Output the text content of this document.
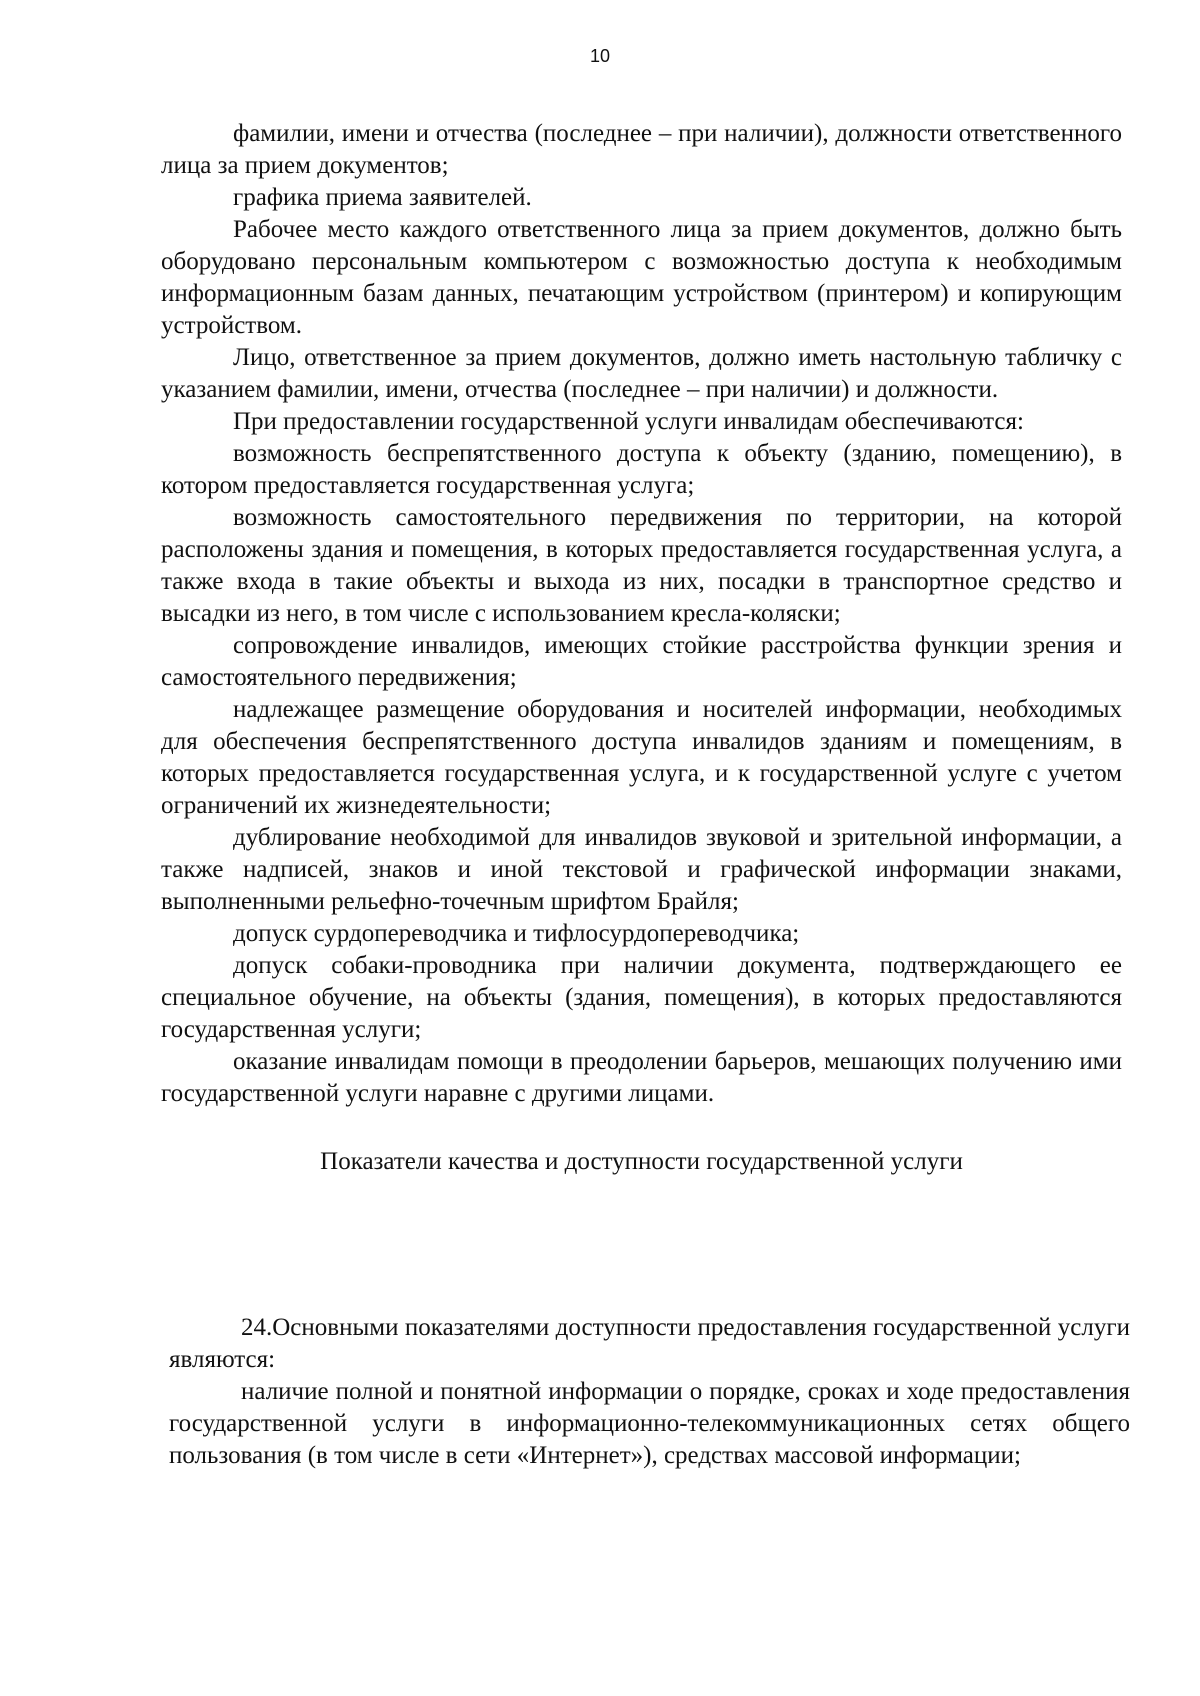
10

фамилии, имени и отчества (последнее – при наличии), должности ответственного лица за прием документов;

графика приема заявителей.

Рабочее место каждого ответственного лица за прием документов, должно быть оборудовано персональным компьютером с возможностью доступа к необходимым информационным базам данных, печатающим устройством (принтером) и копирующим устройством.

Лицо, ответственное за прием документов, должно иметь настольную табличку с указанием фамилии, имени, отчества (последнее – при наличии) и должности.

При предоставлении государственной услуги инвалидам обеспечиваются:

возможность беспрепятственного доступа к объекту (зданию, помещению), в котором предоставляется государственная услуга;

возможность самостоятельного передвижения по территории, на которой расположены здания и помещения, в которых предоставляется государственная услуга, а также входа в такие объекты и выхода из них, посадки в транспортное средство и высадки из него, в том числе с использованием кресла-коляски;

сопровождение инвалидов, имеющих стойкие расстройства функции зрения и самостоятельного передвижения;

надлежащее размещение оборудования и носителей информации, необходимых для обеспечения беспрепятственного доступа инвалидов зданиям и помещениям, в которых предоставляется государственная услуга, и к государственной услуге с учетом ограничений их жизнедеятельности;

дублирование необходимой для инвалидов звуковой и зрительной информации, а также надписей, знаков и иной текстовой и графической информации знаками, выполненными рельефно-точечным шрифтом Брайля;

допуск сурдопереводчика и тифлосурдопереводчика;

допуск собаки-проводника при наличии документа, подтверждающего ее специальное обучение, на объекты (здания, помещения), в которых предоставляются государственная услуги;

оказание инвалидам помощи в преодолении барьеров, мешающих получению ими государственной услуги наравне с другими лицами.

Показатели качества и доступности государственной услуги

24.Основными показателями доступности предоставления государственной услуги являются:

наличие полной и понятной информации о порядке, сроках и ходе предоставления государственной услуги в информационно-телекоммуникационных сетях общего пользования (в том числе в сети «Интернет»), средствах массовой информации;
